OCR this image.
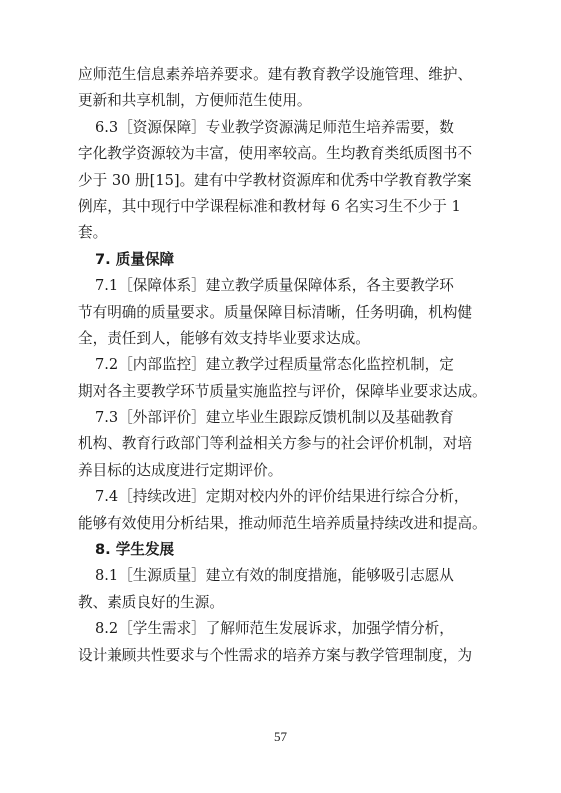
应师范生信息素养培养要求。建有教育教学设施管理、维护、
更新和共享机制，方便师范生使用。
6.3［资源保障］专业教学资源满足师范生培养需要，数
字化教学资源较为丰富，使用率较高。生均教育类纸质图书不
少于 30 册[15]。建有中学教材资源库和优秀中学教育教学案
例库，其中现行中学课程标准和教材每 6 名实习生不少于 1
套。
7. 质量保障
7.1［保障体系］建立教学质量保障体系，各主要教学环
节有明确的质量要求。质量保障目标清晰，任务明确，机构健
全，责任到人，能够有效支持毕业要求达成。
7.2［内部监控］建立教学过程质量常态化监控机制，定
期对各主要教学环节质量实施监控与评价，保障毕业要求达成。
7.3［外部评价］建立毕业生跟踪反馈机制以及基础教育
机构、教育行政部门等利益相关方参与的社会评价机制，对培
养目标的达成度进行定期评价。
7.4［持续改进］定期对校内外的评价结果进行综合分析，
能够有效使用分析结果，推动师范生培养质量持续改进和提高。
8. 学生发展
8.1［生源质量］建立有效的制度措施，能够吸引志愿从
教、素质良好的生源。
8.2［学生需求］了解师范生发展诉求，加强学情分析，
设计兼顾共性要求与个性需求的培养方案与教学管理制度，为
57
